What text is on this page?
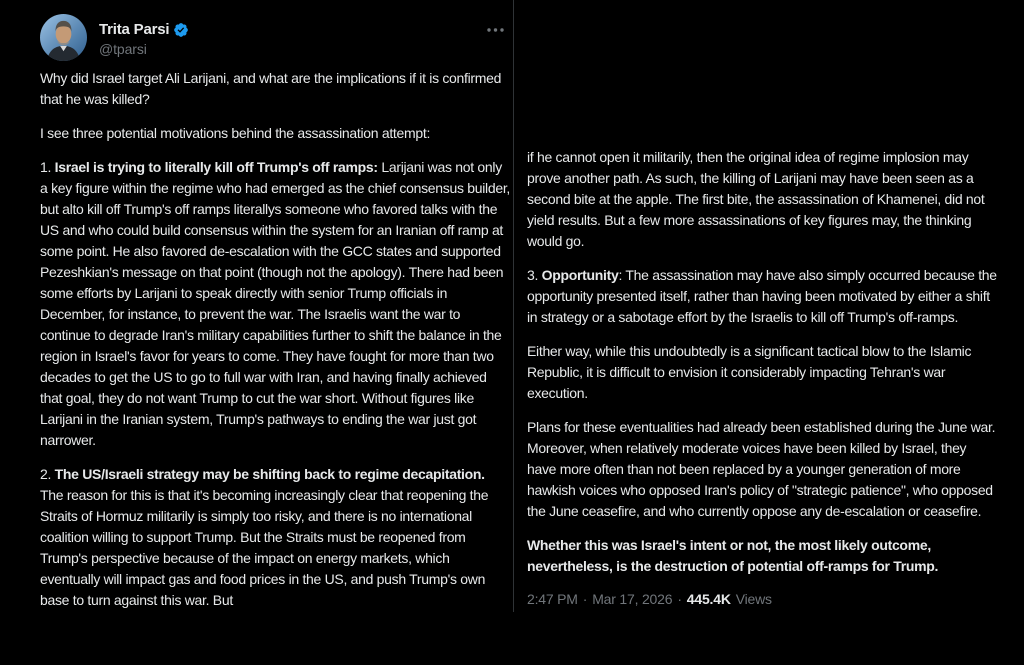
Trita Parsi
@tparsi

Why did Israel target Ali Larijani, and what are the implications if it is confirmed that he was killed?

I see three potential motivations behind the assassination attempt:

1. Israel is trying to literally kill off Trump's off ramps: Larijani was not only a key figure within the regime who had emerged as the chief consensus builder, but alto kill off Trump's off ramps literallys someone who favored talks with the US and who could build consensus within the system for an Iranian off ramp at some point. He also favored de-escalation with the GCC states and supported Pezeshkian's message on that point (though not the apology). There had been some efforts by Larijani to speak directly with senior Trump officials in December, for instance, to prevent the war. The Israelis want the war to continue to degrade Iran's military capabilities further to shift the balance in the region in Israel's favor for years to come. They have fought for more than two decades to get the US to go to full war with Iran, and having finally achieved that goal, they do not want Trump to cut the war short. Without figures like Larijani in the Iranian system, Trump's pathways to ending the war just got narrower.

2. The US/Israeli strategy may be shifting back to regime decapitation. The reason for this is that it's becoming increasingly clear that reopening the Straits of Hormuz militarily is simply too risky, and there is no international coalition willing to support Trump. But the Straits must be reopened from Trump's perspective because of the impact on energy markets, which eventually will impact gas and food prices in the US, and push Trump's own base to turn against this war. But

if he cannot open it militarily, then the original idea of regime implosion may prove another path. As such, the killing of Larijani may have been seen as a second bite at the apple. The first bite, the assassination of Khamenei, did not yield results. But a few more assassinations of key figures may, the thinking would go.

3. Opportunity: The assassination may have also simply occurred because the opportunity presented itself, rather than having been motivated by either a shift in strategy or a sabotage effort by the Israelis to kill off Trump's off-ramps.

Either way, while this undoubtedly is a significant tactical blow to the Islamic Republic, it is difficult to envision it considerably impacting Tehran's war execution.

Plans for these eventualities had already been established during the June war. Moreover, when relatively moderate voices have been killed by Israel, they have more often than not been replaced by a younger generation of more hawkish voices who opposed Iran's policy of "strategic patience", who opposed the June ceasefire, and who currently oppose any de-escalation or ceasefire.

Whether this was Israel's intent or not, the most likely outcome, nevertheless, is the destruction of potential off-ramps for Trump.

2:47 PM · Mar 17, 2026 · 445.4K Views
